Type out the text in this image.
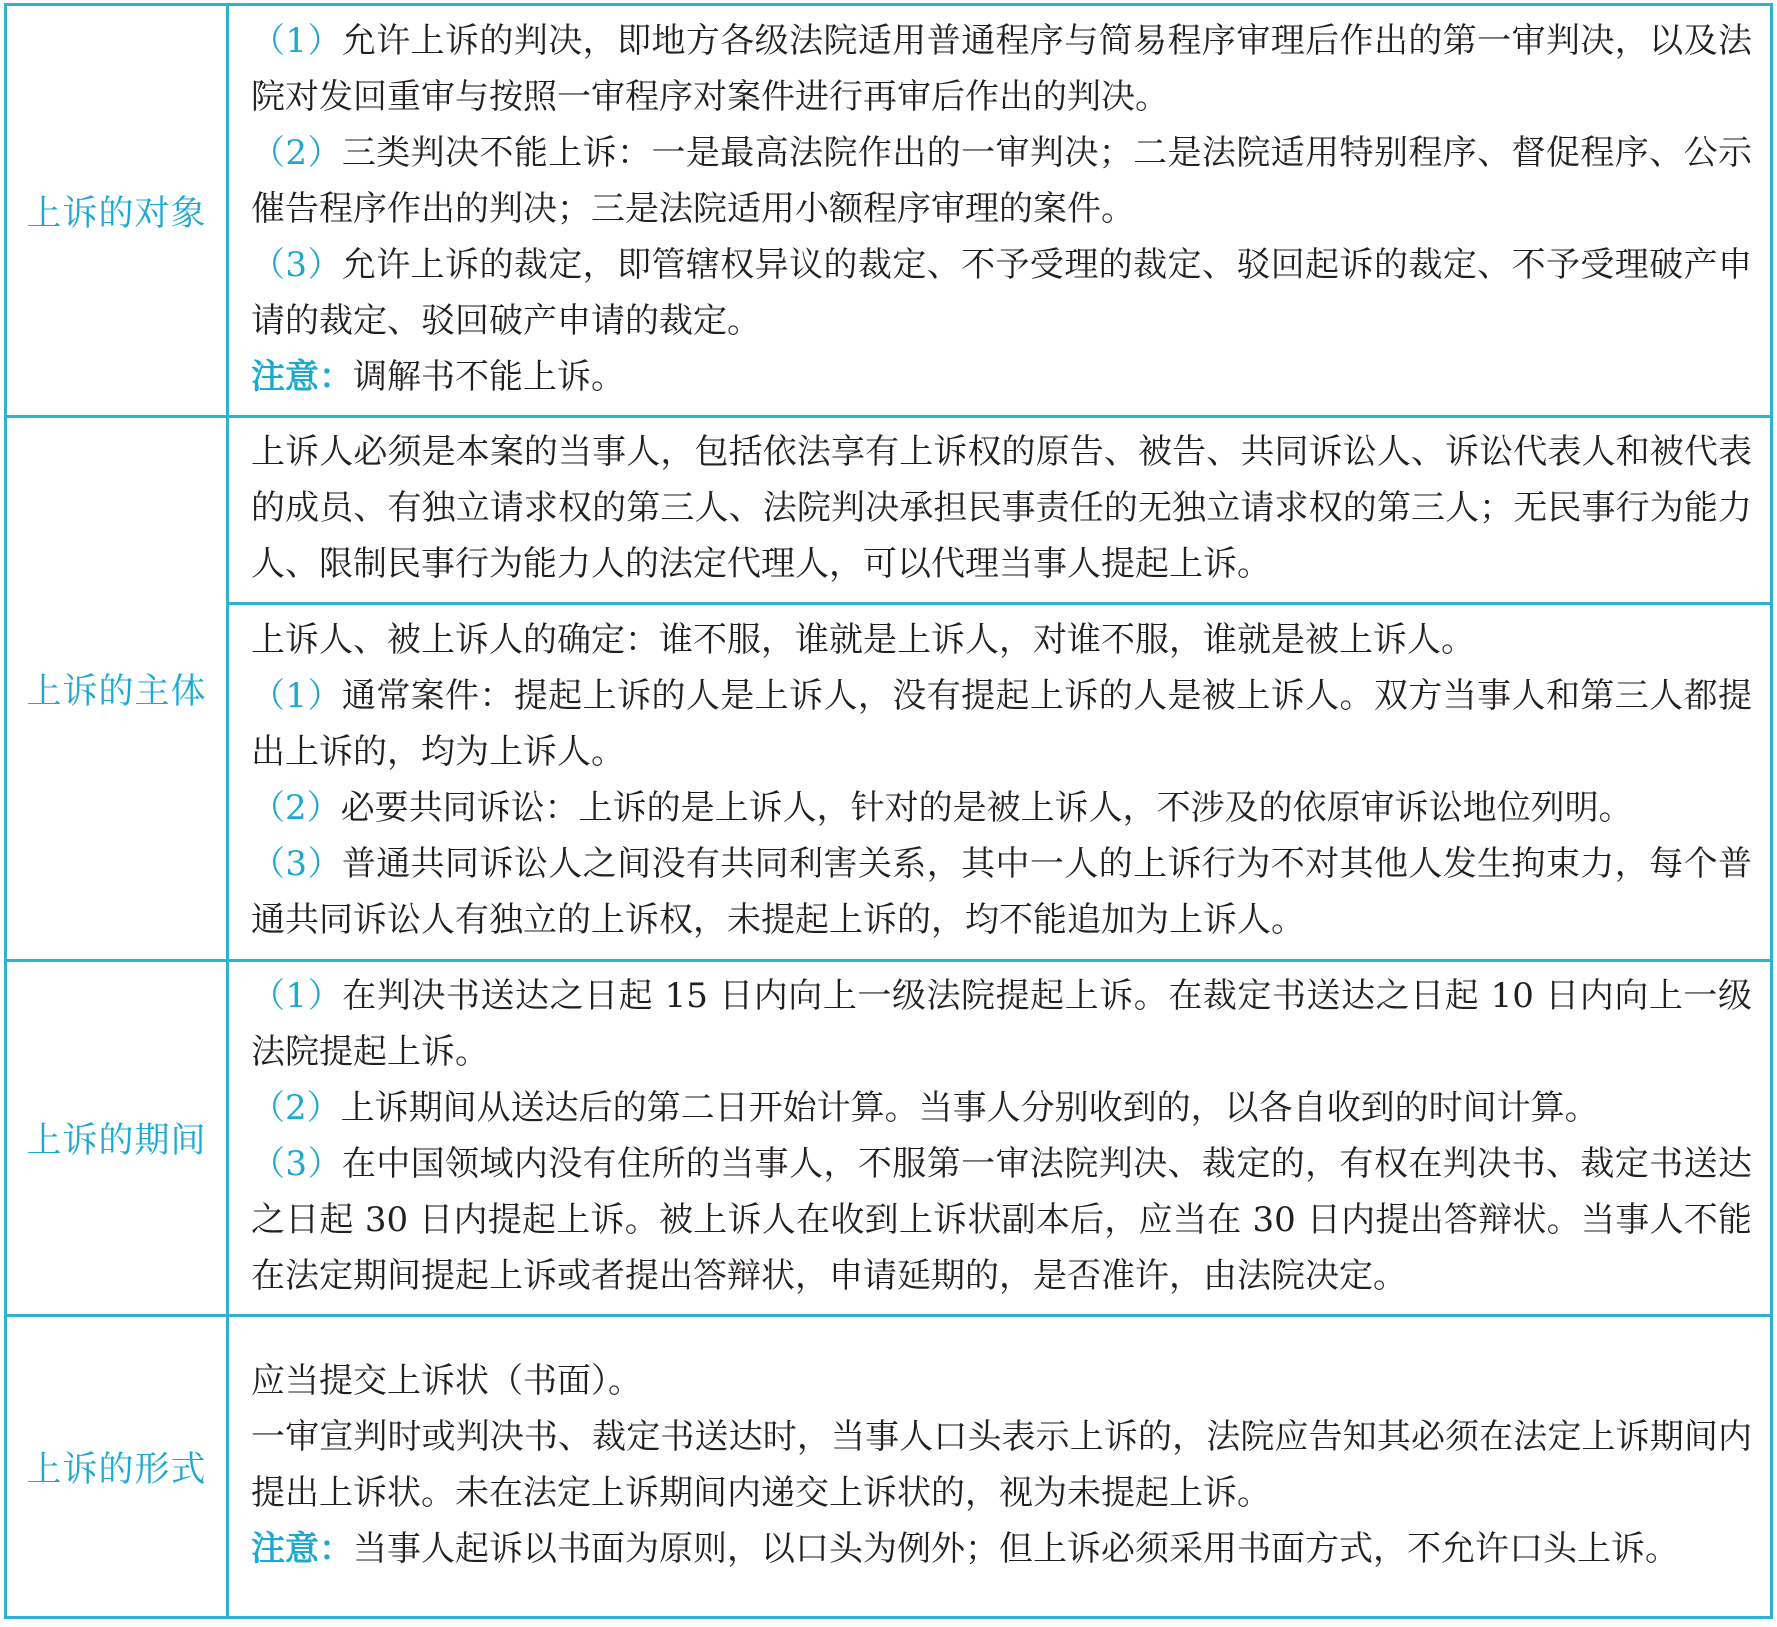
上诉的对象	（1）允许上诉的判决，即地方各级法院适用普通程序与简易程序审理后作出的第一审判决，以及法院对发回重审与按照一审程序对案件进行再审后作出的判决。

（2）三类判决不能上诉：一是最高法院作出的一审判决；二是法院适用特别程序、督促程序、公示催告程序作出的判决；三是法院适用小额程序审理的案件。

（3）允许上诉的裁定，即管辖权异议的裁定、不予受理的裁定、驳回起诉的裁定、不予受理破产申请的裁定、驳回破产申请的裁定。

注意：调解书不能上诉。

上诉的主体	上诉人必须是本案的当事人，包括依法享有上诉权的原告、被告、共同诉讼人、诉讼代表人和被代表的成员、有独立请求权的第三人、法院判决承担民事责任的无独立请求权的第三人；无民事行为能力人、限制民事行为能力人的法定代理人，可以代理当事人提起上诉。

	上诉人、被上诉人的确定：谁不服，谁就是上诉人，对谁不服，谁就是被上诉人。

（1）通常案件：提起上诉的人是上诉人，没有提起上诉的人是被上诉人。双方当事人和第三人都提出上诉的，均为上诉人。

（2）必要共同诉讼：上诉的是上诉人，针对的是被上诉人，不涉及的依原审诉讼地位列明。

（3）普通共同诉讼人之间没有共同利害关系，其中一人的上诉行为不对其他人发生拘束力，每个普通共同诉讼人有独立的上诉权，未提起上诉的，均不能追加为上诉人。

上诉的期间	（1）在判决书送达之日起 15 日内向上一级法院提起上诉。在裁定书送达之日起 10 日内向上一级法院提起上诉。

（2）上诉期间从送达后的第二日开始计算。当事人分别收到的，以各自收到的时间计算。

（3）在中国领域内没有住所的当事人，不服第一审法院判决、裁定的，有权在判决书、裁定书送达之日起 30 日内提起上诉。被上诉人在收到上诉状副本后，应当在 30 日内提出答辩状。当事人不能在法定期间提起上诉或者提出答辩状，申请延期的，是否准许，由法院决定。

上诉的形式	应当提交上诉状（书面）。

一审宣判时或判决书、裁定书送达时，当事人口头表示上诉的，法院应告知其必须在法定上诉期间内提出上诉状。未在法定上诉期间内递交上诉状的，视为未提起上诉。

注意：当事人起诉以书面为原则，以口头为例外；但上诉必须采用书面方式，不允许口头上诉。
